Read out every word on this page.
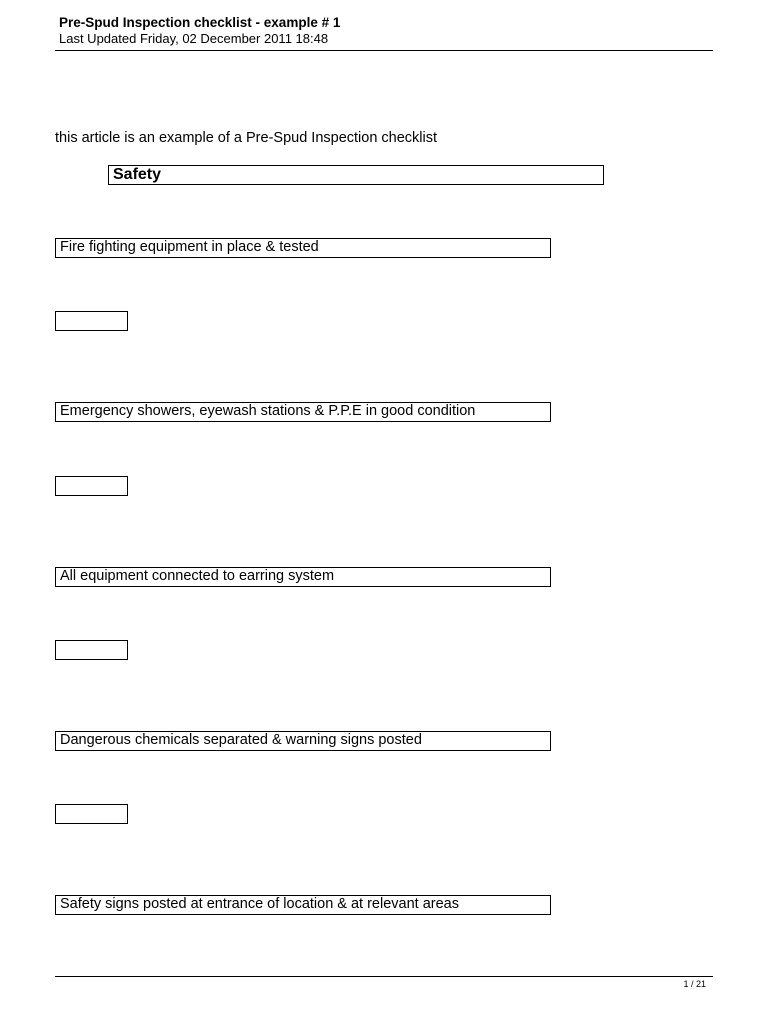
Pre-Spud Inspection checklist - example # 1
Last Updated Friday, 02 December 2011 18:48
this article is an example of a Pre-Spud Inspection checklist
Safety
Fire fighting equipment in place & tested
Emergency showers, eyewash stations & P.P.E in good condition
All equipment connected to earring system
Dangerous chemicals separated & warning signs posted
Safety signs posted at entrance of location & at relevant areas
1 / 21
